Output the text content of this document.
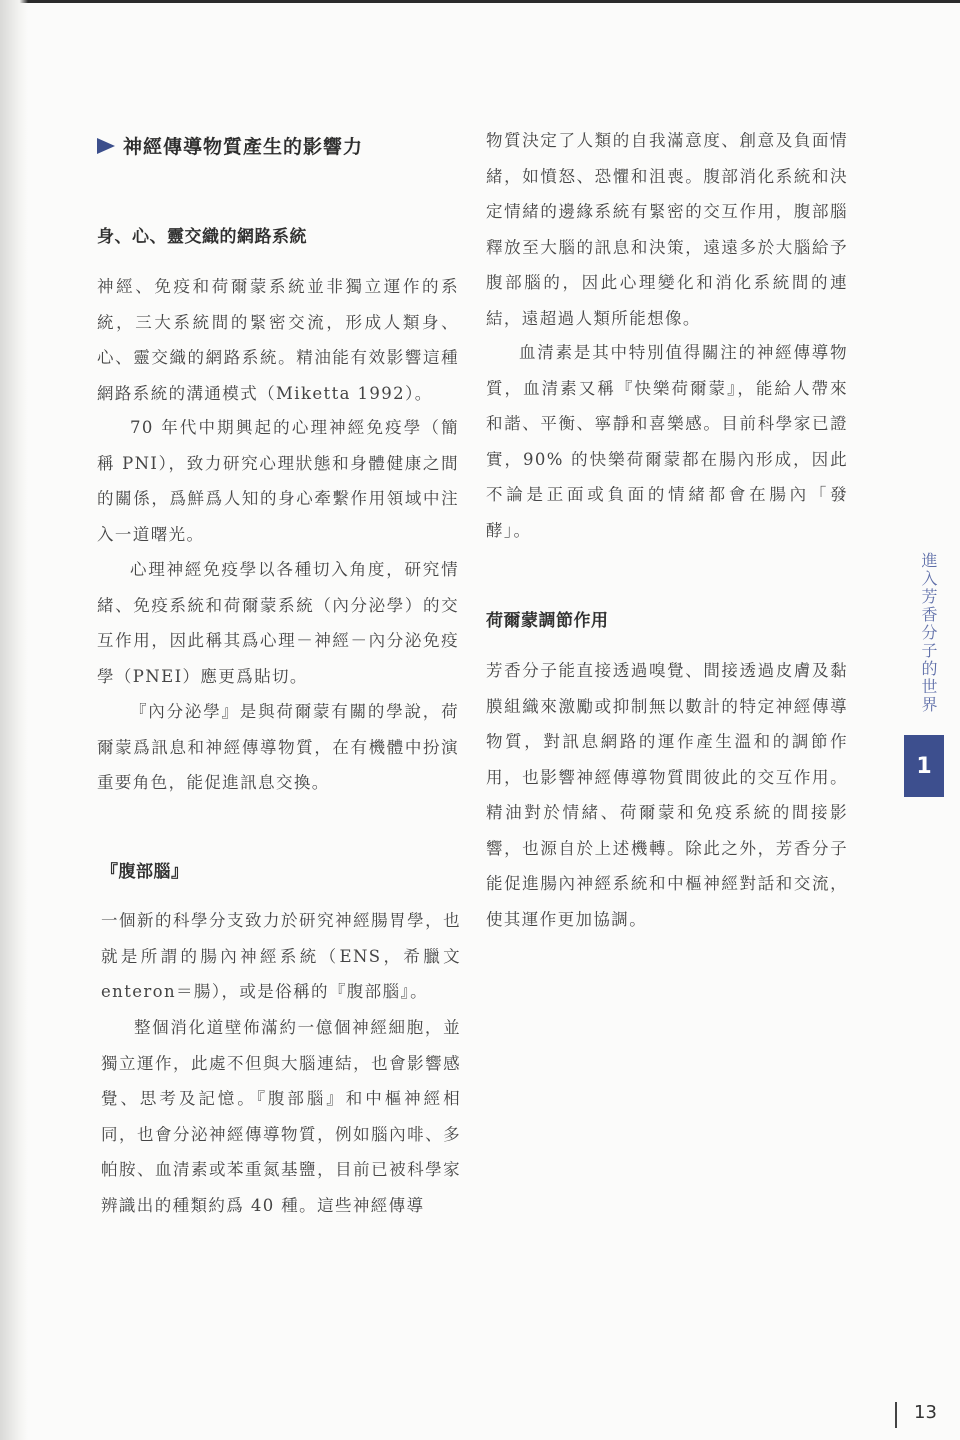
神經傳導物質產生的影響力
身、心、靈交織的網路系統

神經、免疫和荷爾蒙系統並非獨立運作的系統，三大系統間的緊密交流，形成人類身、心、靈交織的網路系統。精油能有效影響這種網路系統的溝通模式（Miketta 1992）。

70 年代中期興起的心理神經免疫學（簡稱 PNI），致力研究心理狀態和身體健康之間的關係，爲鮮爲人知的身心牽繫作用領域中注入一道曙光。

心理神經免疫學以各種切入角度，研究情緒、免疫系統和荷爾蒙系統（內分泌學）的交互作用，因此稱其爲心理－神經－內分泌免疫學（PNEI）應更爲貼切。

『內分泌學』是與荷爾蒙有關的學說，荷爾蒙爲訊息和神經傳導物質，在有機體中扮演重要角色，能促進訊息交換。

『腹部腦』

一個新的科學分支致力於研究神經腸胃學，也就是所謂的腸內神經系統（ENS，希臘文 enteron＝腸），或是俗稱的『腹部腦』。

整個消化道壁佈滿約一億個神經細胞，並獨立運作，此處不但與大腦連結，也會影響感覺、思考及記憶。『腹部腦』和中樞神經相同，也會分泌神經傳導物質，例如腦內啡、多帕胺、血清素或苯重氮基鹽，目前已被科學家辨識出的種類約爲 40 種。這些神經傳導

物質決定了人類的自我滿意度、創意及負面情緒，如憤怒、恐懼和沮喪。腹部消化系統和決定情緒的邊緣系統有緊密的交互作用，腹部腦釋放至大腦的訊息和決策，遠遠多於大腦給予腹部腦的，因此心理變化和消化系統間的連結，遠超過人類所能想像。

血清素是其中特別值得關注的神經傳導物質，血清素又稱『快樂荷爾蒙』，能給人帶來和諧、平衡、寧靜和喜樂感。目前科學家已證實，90% 的快樂荷爾蒙都在腸內形成，因此不論是正面或負面的情緒都會在腸內「發酵」。

荷爾蒙調節作用

芳香分子能直接透過嗅覺、間接透過皮膚及黏膜組織來激勵或抑制無以數計的特定神經傳導物質，對訊息網路的運作產生溫和的調節作用，也影響神經傳導物質間彼此的交互作用。精油對於情緒、荷爾蒙和免疫系統的間接影響，也源自於上述機轉。除此之外，芳香分子能促進腸內神經系統和中樞神經對話和交流，使其運作更加協調。

進入芳香分子的世界
1
13
